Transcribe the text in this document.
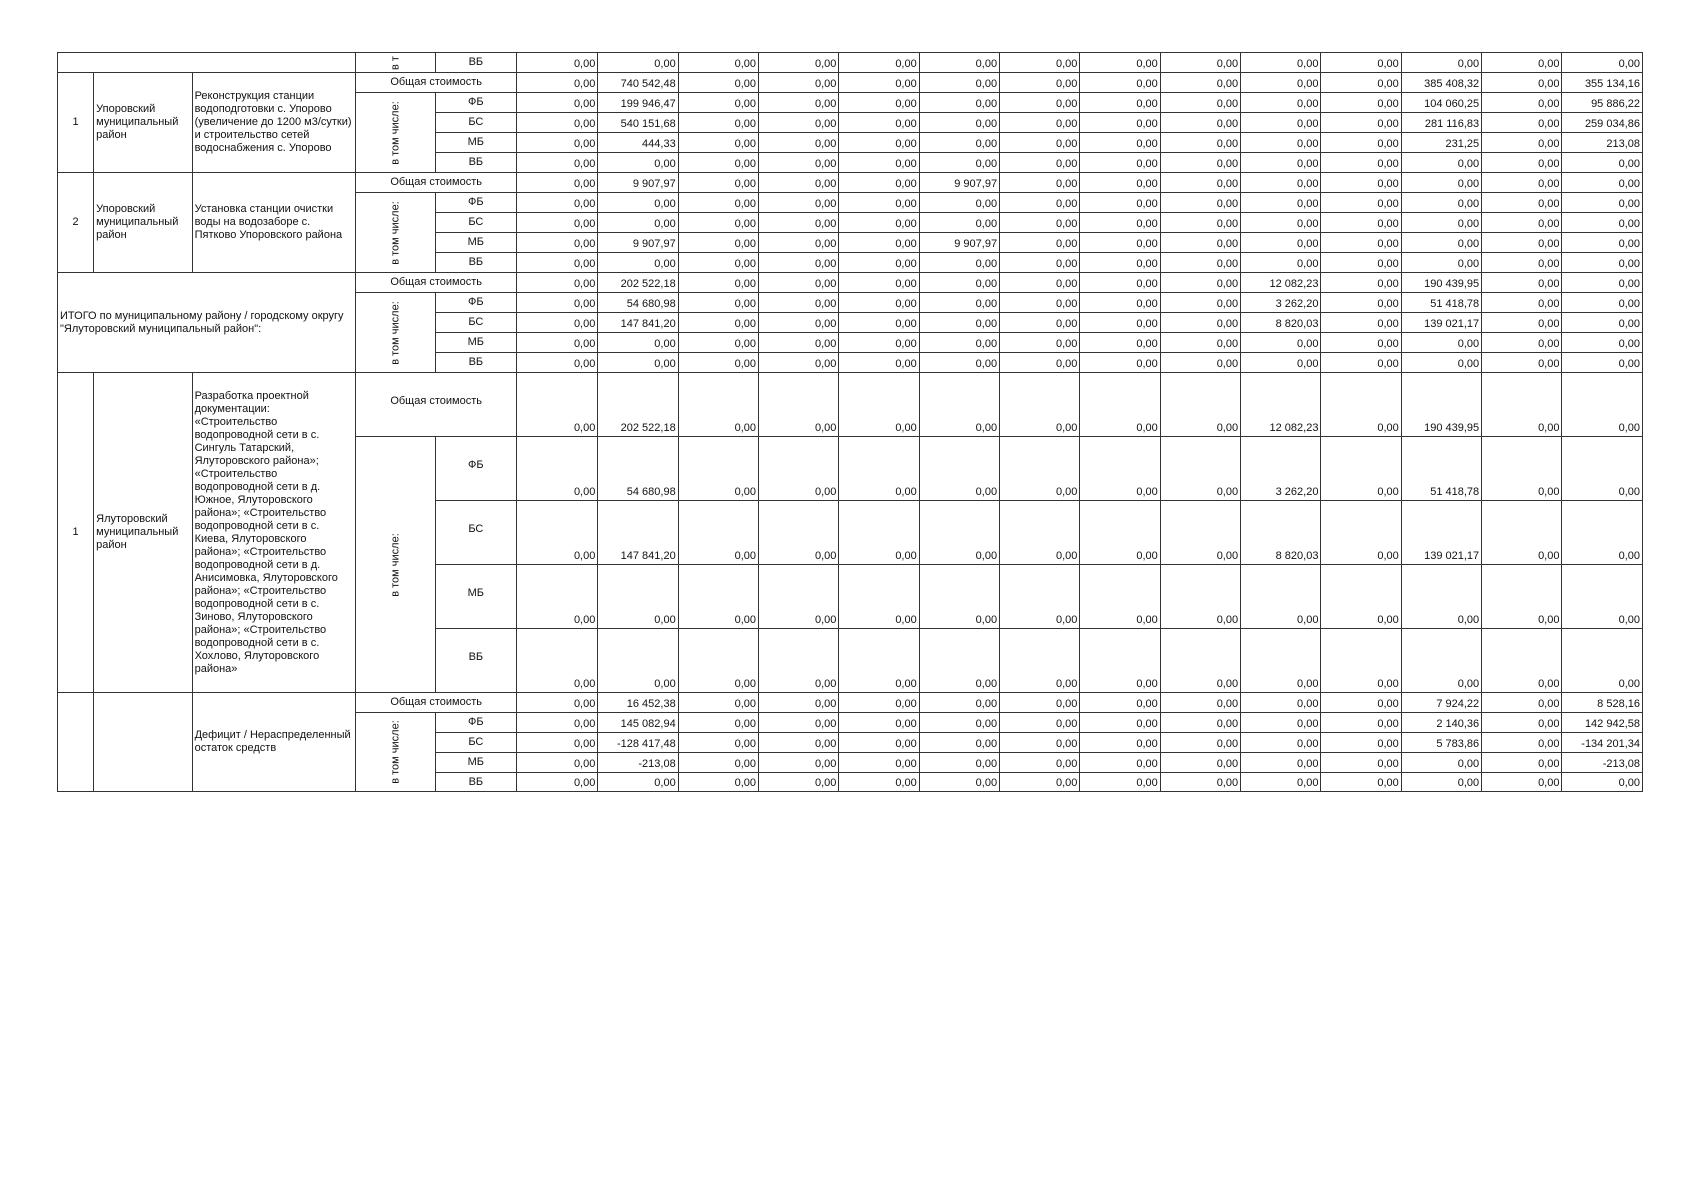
			в т	ВБ	0,00	0,00	0,00	0,00	0,00	0,00	0,00	0,00	0,00	0,00	0,00	0,00	0,00	0,00
1	Упоровский муниципальный район	Реконструкция станции водоподготовки с. Упорово (увеличение до 1200 м3/сутки) и строительство сетей водоснабжения с. Упорово	Общая стоимость		0,00	740 542,48	0,00	0,00	0,00	0,00	0,00	0,00	0,00	0,00	0,00	385 408,32	0,00	355 134,16

			в том числе:	ФБ	0,00	199 946,47	0,00	0,00	0,00	0,00	0,00	0,00	0,00	0,00	0,00	104 060,25	0,00	95 886,22
				БС	0,00	540 151,68	0,00	0,00	0,00	0,00	0,00	0,00	0,00	0,00	0,00	281 116,83	0,00	259 034,86
				МБ	0,00	444,33	0,00	0,00	0,00	0,00	0,00	0,00	0,00	0,00	0,00	231,25	0,00	213,08
				ВБ	0,00	0,00	0,00	0,00	0,00	0,00	0,00	0,00	0,00	0,00	0,00	0,00	0,00	0,00
2	Упоровский муниципальный район	Установка станции очистки воды на водозаборе с. Пятково Упоровского района	Общая стоимость		0,00	9 907,97	0,00	0,00	0,00	9 907,97	0,00	0,00	0,00	0,00	0,00	0,00	0,00	0,00

			в том числе:	ФБ	0,00	0,00	0,00	0,00	0,00	0,00	0,00	0,00	0,00	0,00	0,00	0,00	0,00	0,00
				БС	0,00	0,00	0,00	0,00	0,00	0,00	0,00	0,00	0,00	0,00	0,00	0,00	0,00	0,00
				МБ	0,00	9 907,97	0,00	0,00	0,00	9 907,97	0,00	0,00	0,00	0,00	0,00	0,00	0,00	0,00
				ВБ	0,00	0,00	0,00	0,00	0,00	0,00	0,00	0,00	0,00	0,00	0,00	0,00	0,00	0,00
ИТОГО по муниципальному району / городскому округу "Ялуторовский муниципальный район":			Общая стоимость		0,00	202 522,18	0,00	0,00	0,00	0,00	0,00	0,00	0,00	12 082,23	0,00	190 439,95	0,00	0,00

			в том числе:	ФБ	0,00	54 680,98	0,00	0,00	0,00	0,00	0,00	0,00	0,00	3 262,20	0,00	51 418,78	0,00	0,00
				БС	0,00	147 841,20	0,00	0,00	0,00	0,00	0,00	0,00	0,00	8 820,03	0,00	139 021,17	0,00	0,00
				МБ	0,00	0,00	0,00	0,00	0,00	0,00	0,00	0,00	0,00	0,00	0,00	0,00	0,00	0,00
				ВБ	0,00	0,00	0,00	0,00	0,00	0,00	0,00	0,00	0,00	0,00	0,00	0,00	0,00	0,00
1	Ялуторовский муниципальный район	Разработка проектной документации: «Строительство водопроводной сети в с. Сингуль Татарский, Ялуторовского района»; «Строительство водопроводной сети в д. Южное, Ялуторовского района»; «Строительство водопроводной сети в с. Киева, Ялуторовского района»; «Строительство водопроводной сети в д. Анисимовка, Ялуторовского района»; «Строительство водопроводной сети в с. Зиново, Ялуторовского района»; «Строительство водопроводной сети в с. Хохлово, Ялуторовского района»	Общая стоимость		0,00	202 522,18	0,00	0,00	0,00	0,00	0,00	0,00	0,00	12 082,23	0,00	190 439,95	0,00	0,00

			в том числе:	ФБ	0,00	54 680,98	0,00	0,00	0,00	0,00	0,00	0,00	0,00	3 262,20	0,00	51 418,78	0,00	0,00
				БС	0,00	147 841,20	0,00	0,00	0,00	0,00	0,00	0,00	0,00	8 820,03	0,00	139 021,17	0,00	0,00
				МБ	0,00	0,00	0,00	0,00	0,00	0,00	0,00	0,00	0,00	0,00	0,00	0,00	0,00	0,00
				ВБ	0,00	0,00	0,00	0,00	0,00	0,00	0,00	0,00	0,00	0,00	0,00	0,00	0,00	0,00
		Дефицит / Нераспределенный остаток средств	Общая стоимость		0,00	16 452,38	0,00	0,00	0,00	0,00	0,00	0,00	0,00	0,00	0,00	7 924,22	0,00	8 528,16

			в том числе:	ФБ	0,00	145 082,94	0,00	0,00	0,00	0,00	0,00	0,00	0,00	0,00	0,00	2 140,36	0,00	142 942,58
				БС	0,00	-128 417,48	0,00	0,00	0,00	0,00	0,00	0,00	0,00	0,00	0,00	5 783,86	0,00	-134 201,34
				МБ	0,00	-213,08	0,00	0,00	0,00	0,00	0,00	0,00	0,00	0,00	0,00	0,00	0,00	-213,08
				ВБ	0,00	0,00	0,00	0,00	0,00	0,00	0,00	0,00	0,00	0,00	0,00	0,00	0,00	0,00
